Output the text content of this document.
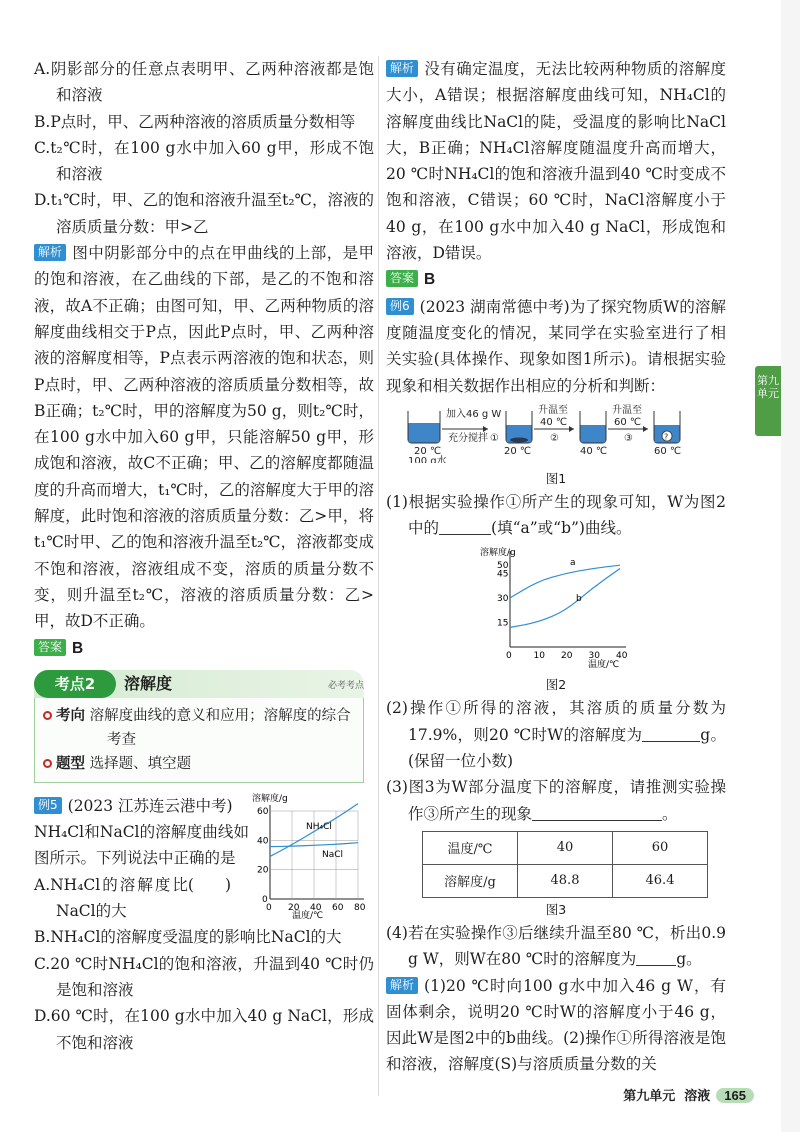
A.阴影部分的任意点表明甲、乙两种溶液都是饱和溶液

B.P点时，甲、乙两种溶液的溶质质量分数相等

C.t₂℃时，在100 g水中加入60 g甲，形成不饱和溶液

D.t₁℃时，甲、乙的饱和溶液升温至t₂℃，溶液的溶质质量分数：甲>乙

解析 图中阴影部分中的点在甲曲线的上部，是甲的饱和溶液，在乙曲线的下部，是乙的不饱和溶液，故A不正确；由图可知，甲、乙两种物质的溶解度曲线相交于P点，因此P点时，甲、乙两种溶液的溶解度相等，P点表示两溶液的饱和状态，则P点时，甲、乙两种溶液的溶质质量分数相等，故B正确；t₂℃时，甲的溶解度为50 g，则t₂℃时，在100 g水中加入60 g甲，只能溶解50 g甲，形成饱和溶液，故C不正确；甲、乙的溶解度都随温度的升高而增大，t₁℃时，乙的溶解度大于甲的溶解度，此时饱和溶液的溶质质量分数：乙>甲，将t₁℃时甲、乙的饱和溶液升温至t₂℃，溶液都变成不饱和溶液，溶液组成不变，溶质的质量分数不变，则升温至t₂℃，溶液的溶质质量分数：乙>甲，故D不正确。

答案 B

考点2	溶解度	必考考点
考向 溶解度曲线的意义和应用；溶解度的综合考查
题型 选择题、填空题
0 20 40 60 80
0
20
40
60
溶解度/g
温度/℃
NH₄Cl
NaCl

例5 (2023 江苏连云港中考)
NH₄Cl和NaCl的溶解度曲线如图所示。下列说法中正确的是
(　　)

A.NH₄Cl的溶解度比NaCl的大

B.NH₄Cl的溶解度受温度的影响比NaCl的大

C.20 ℃时NH₄Cl的饱和溶液，升温到40 ℃时仍是饱和溶液

D.60 ℃时，在100 g水中加入40 g NaCl，形成不饱和溶液

解析 没有确定温度，无法比较两种物质的溶解度大小，A错误；根据溶解度曲线可知，NH₄Cl的溶解度曲线比NaCl的陡，受温度的影响比NaCl大，B正确；NH₄Cl溶解度随温度升高而增大，20 ℃时NH₄Cl的饱和溶液升温到40 ℃时变成不饱和溶液，C错误；60 ℃时，NaCl溶解度小于40 g，在100 g水中加入40 g NaCl，形成饱和溶液，D错误。

答案 B

例6 (2023 湖南常德中考)为了探究物质W的溶解度随温度变化的情况，某同学在实验室进行了相关实验(具体操作、现象如图1所示)。请根据实验现象和相关数据作出相应的分析和判断：

20 ℃
100 g水
加入46 g W
充分搅拌 ①
20 ℃
升温至
40 ℃
②
40 ℃
升温至
60 ℃
③	?
60 ℃
图1

(1)根据实验操作①所产生的现象可知，W为图2中的	(填“a”或“b”)曲线。

0 10 20 30 40
15
30
45
50
溶解度/g
温度/℃
a
b
图2

(2)操作①所得的溶液，其溶质的质量分数为17.9%，则20 ℃时W的溶解度为	g。(保留一位小数)

(3)图3为W部分温度下的溶解度，请推测实验操作③所产生的现象	。

温度/℃	40	60
溶解度/g	48.8	46.4
图3

(4)若在实验操作③后继续升温至80 ℃，析出0.9 g W，则W在80 ℃时的溶解度为	g。

解析 (1)20 ℃时向100 g水中加入46 g W，有固体剩余，说明20 ℃时W的溶解度小于46 g，因此W是图2中的b曲线。(2)操作①所得溶液是饱和溶液，溶解度(S)与溶质质量分数的关

第九单元
第九单元 溶液 165
